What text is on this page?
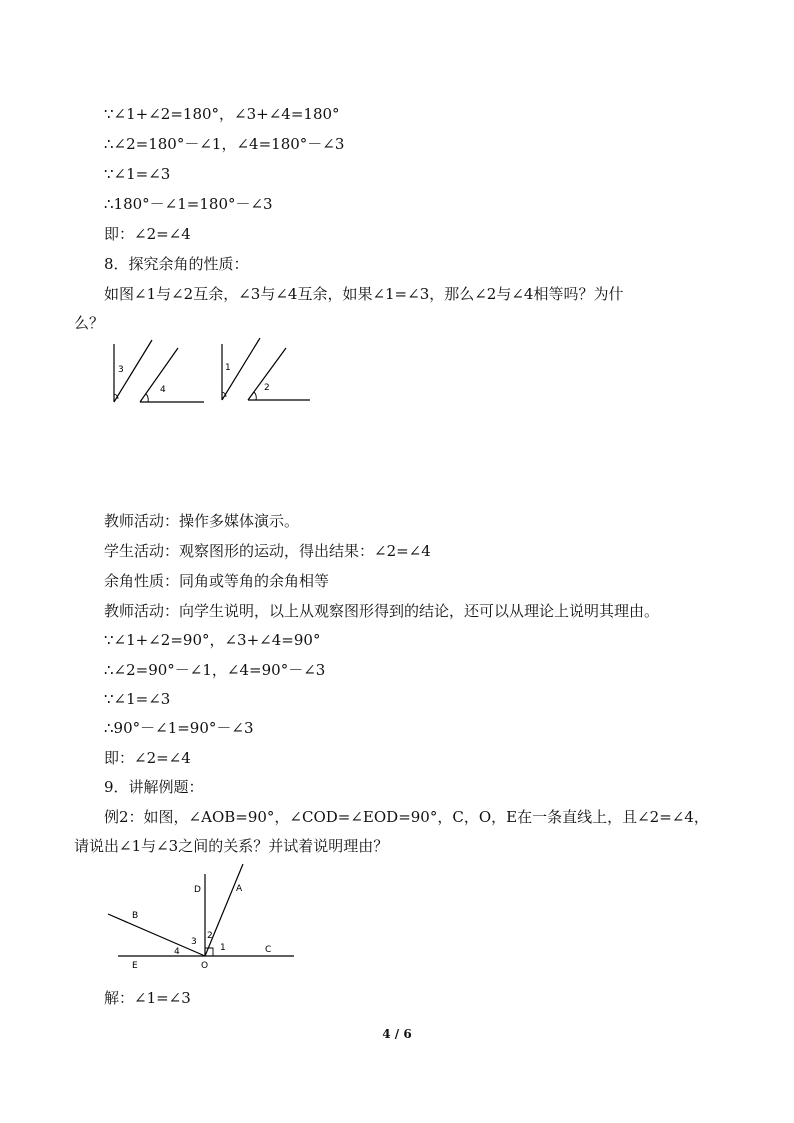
∵∠1+∠2=180°，∠3+∠4=180°
∴∠2=180°－∠1，∠4=180°－∠3
∵∠1=∠3
∴180°－∠1=180°－∠3
即：∠2=∠4
8．探究余角的性质：
如图∠1与∠2互余，∠3与∠4互余，如果∠1=∠3，那么∠2与∠4相等吗？为什
么？
3
4
1
2
教师活动：操作多媒体演示。
学生活动：观察图形的运动，得出结果：∠2=∠4
余角性质：同角或等角的余角相等
教师活动：向学生说明，以上从观察图形得到的结论，还可以从理论上说明其理由。
∵∠1+∠2=90°，∠3+∠4=90°
∴∠2=90°－∠1，∠4=90°－∠3
∵∠1=∠3
∴90°－∠1=90°－∠3
即：∠2=∠4
9．讲解例题：
例2：如图，∠AOB=90°，∠COD=∠EOD=90°，C，O，E在一条直线上，且∠2=∠4，
请说出∠1与∠3之间的关系？并试着说明理由？
D	A
B
2
3
1
4	C
E	O
解：∠1=∠3
4 / 6
